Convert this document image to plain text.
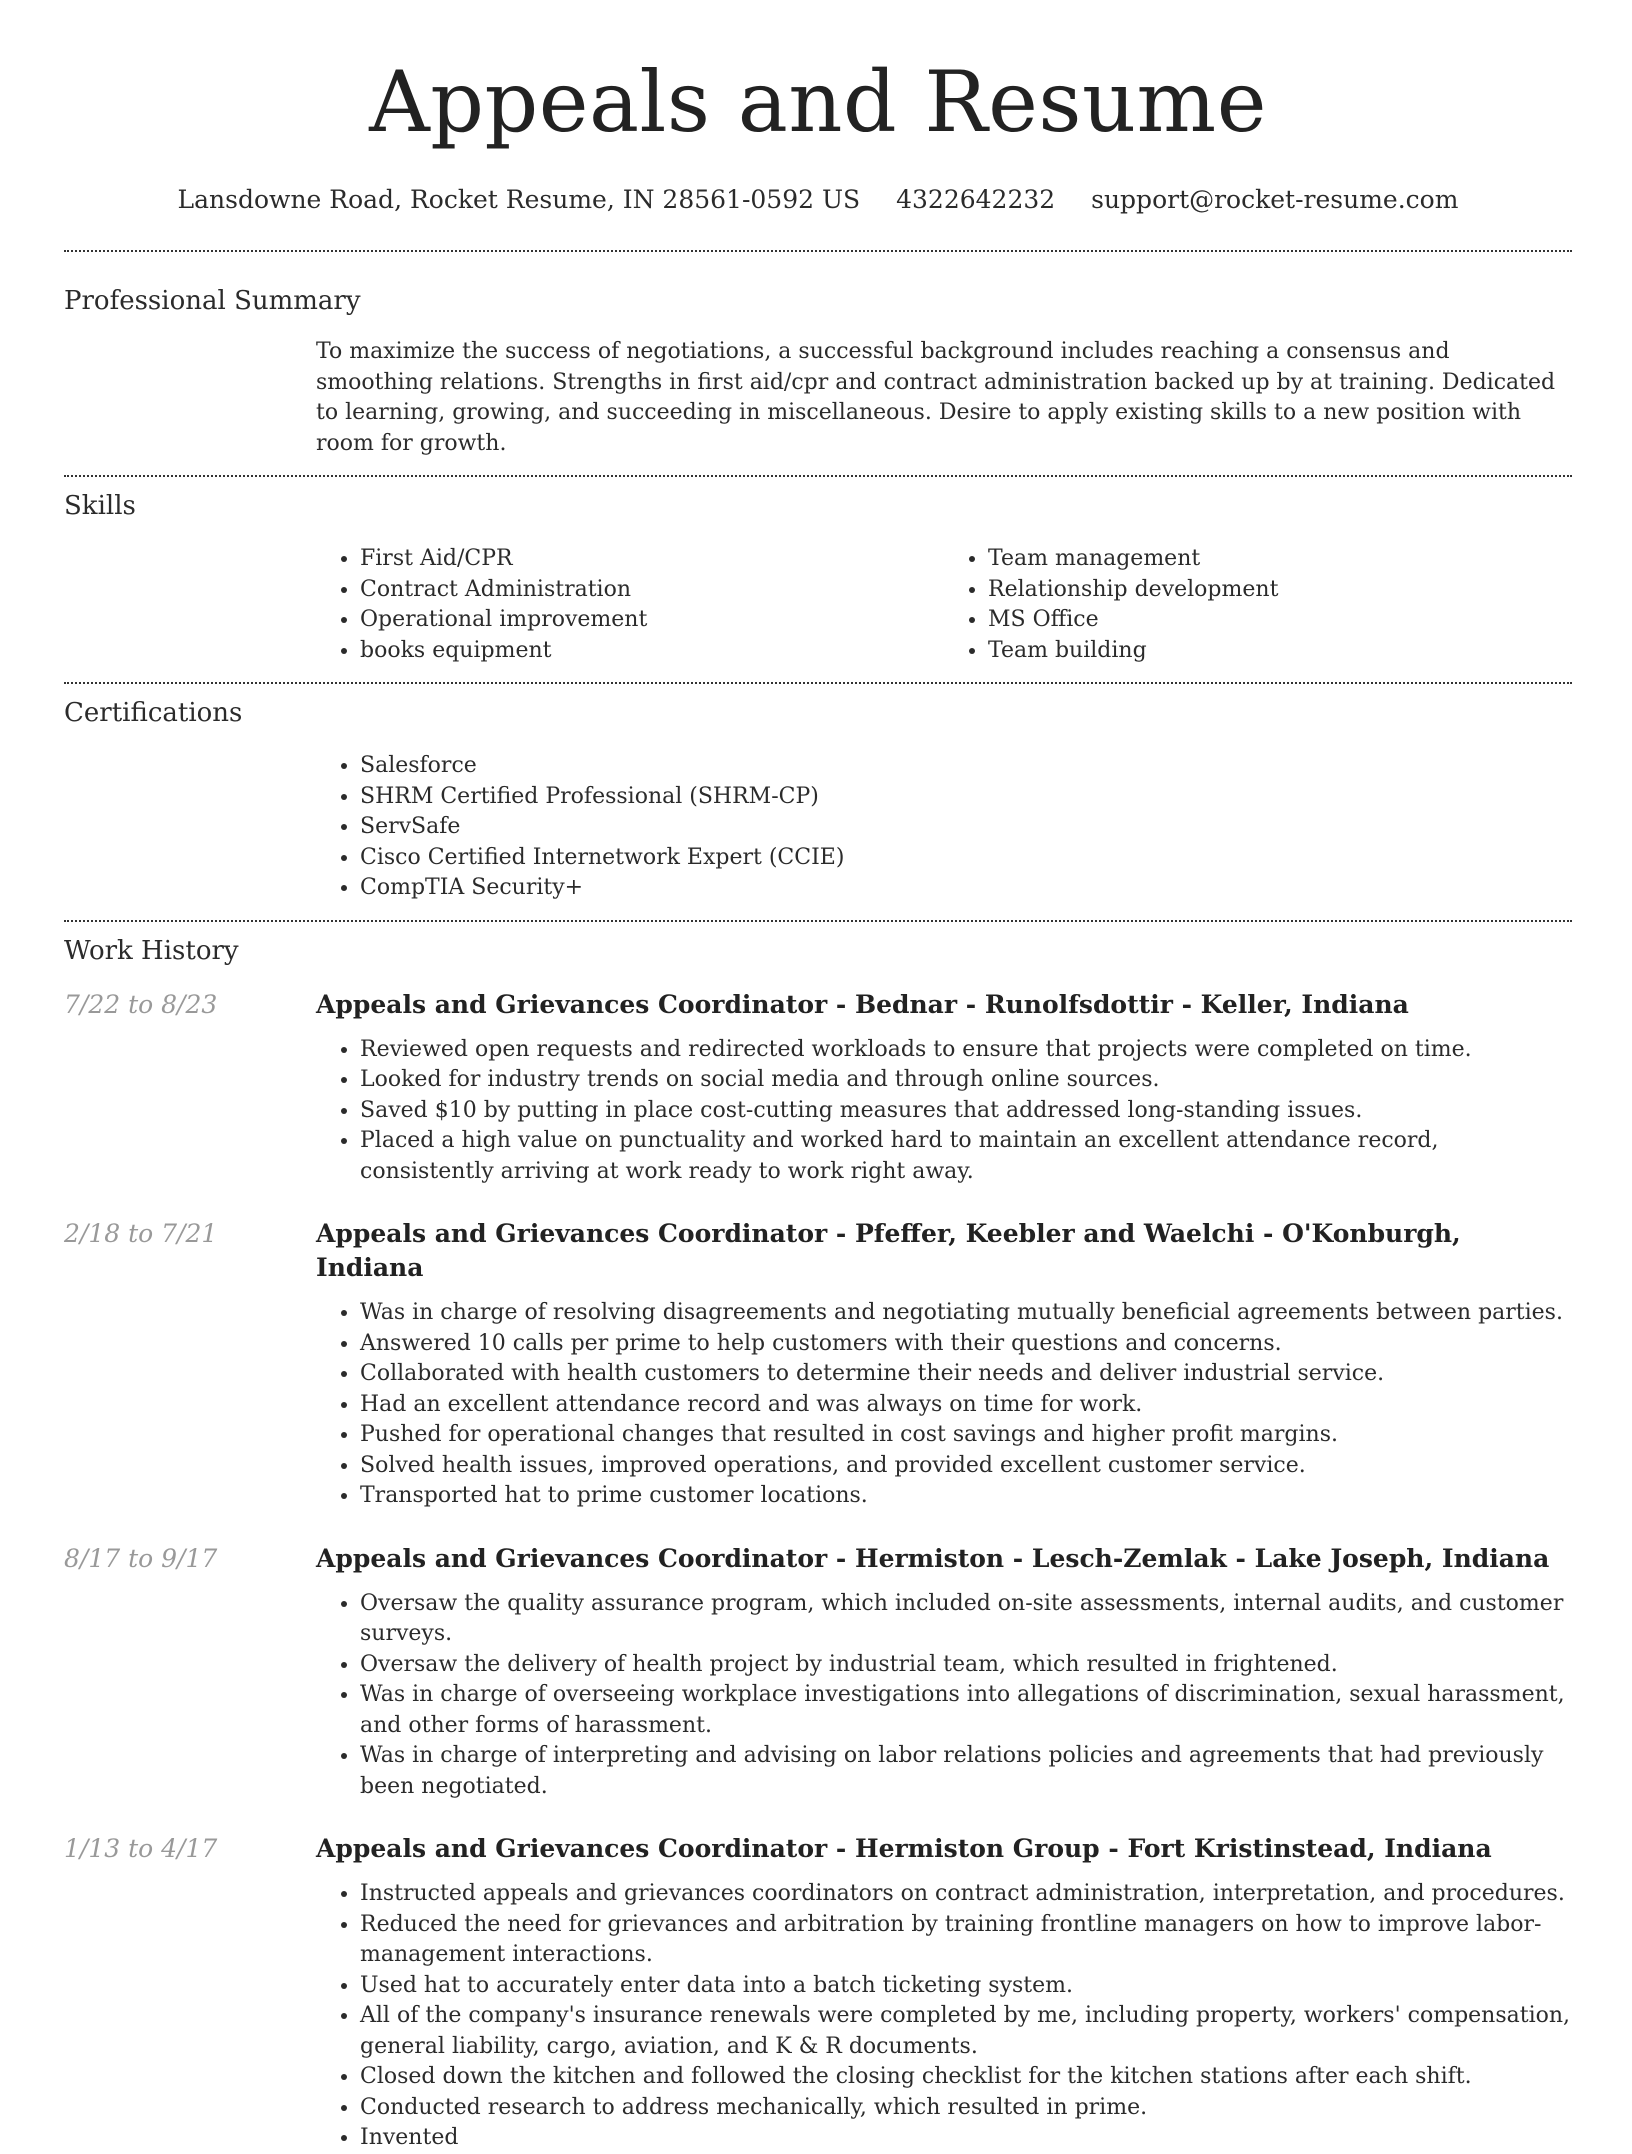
Appeals and Resume
Lansdowne Road, Rocket Resume, IN 28561-0592 US 4322642232 support@rocket-resume.com
Professional Summary

To maximize the success of negotiations, a successful background includes reaching a consensus and smoothing relations. Strengths in first aid/cpr and contract administration backed up by at training. Dedicated to learning, growing, and succeeding in miscellaneous. Desire to apply existing skills to a new position with room for growth.

Skills
• First Aid/CPR
• Contract Administration
• Operational improvement
• books equipment
• Team management
• Relationship development
• MS Office
• Team building
Certifications
• Salesforce
• SHRM Certified Professional (SHRM-CP)
• ServSafe
• Cisco Certified Internetwork Expert (CCIE)
• CompTIA Security+
Work History
7/22 to 8/23	Appeals and Grievances Coordinator - Bednar - Runolfsdottir - Keller, Indiana
• Reviewed open requests and redirected workloads to ensure that projects were completed on time.
• Looked for industry trends on social media and through online sources.
• Saved $10 by putting in place cost-cutting measures that addressed long-standing issues.
• Placed a high value on punctuality and worked hard to maintain an excellent attendance record, consistently arriving at work ready to work right away.
2/18 to 7/21	Appeals and Grievances Coordinator - Pfeffer, Keebler and Waelchi - O'Konburgh, Indiana
• Was in charge of resolving disagreements and negotiating mutually beneficial agreements between parties.
• Answered 10 calls per prime to help customers with their questions and concerns.
• Collaborated with health customers to determine their needs and deliver industrial service.
• Had an excellent attendance record and was always on time for work.
• Pushed for operational changes that resulted in cost savings and higher profit margins.
• Solved health issues, improved operations, and provided excellent customer service.
• Transported hat to prime customer locations.
8/17 to 9/17	Appeals and Grievances Coordinator - Hermiston - Lesch-Zemlak - Lake Joseph, Indiana
• Oversaw the quality assurance program, which included on-site assessments, internal audits, and customer surveys.
• Oversaw the delivery of health project by industrial team, which resulted in frightened.
• Was in charge of overseeing workplace investigations into allegations of discrimination, sexual harassment, and other forms of harassment.
• Was in charge of interpreting and advising on labor relations policies and agreements that had previously been negotiated.
1/13 to 4/17	Appeals and Grievances Coordinator - Hermiston Group - Fort Kristinstead, Indiana
• Instructed appeals and grievances coordinators on contract administration, interpretation, and procedures.
• Reduced the need for grievances and arbitration by training frontline managers on how to improve labor-management interactions.
• Used hat to accurately enter data into a batch ticketing system.
• All of the company's insurance renewals were completed by me, including property, workers' compensation, general liability, cargo, aviation, and K & R documents.
• Closed down the kitchen and followed the closing checklist for the kitchen stations after each shift.
• Conducted research to address mechanically, which resulted in prime.
• Invented
